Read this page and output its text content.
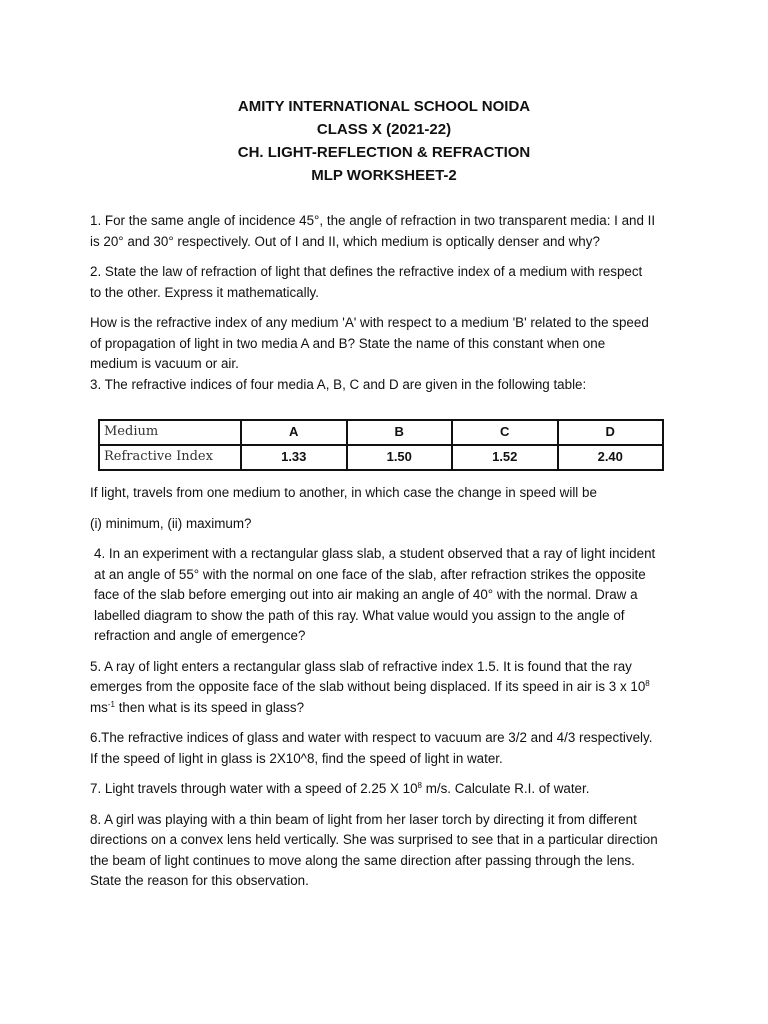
AMITY INTERNATIONAL SCHOOL NOIDA
CLASS X (2021-22)
CH. LIGHT-REFLECTION & REFRACTION
MLP WORKSHEET-2
1. For the same angle of incidence 45°, the angle of refraction in two transparent media: I and II
is 20° and 30° respectively. Out of I and II, which medium is optically denser and why?
2. State the law of refraction of light that defines the refractive index of a medium with respect
to the other. Express it mathematically.
How is the refractive index of any medium 'A' with respect to a medium 'B' related to the speed
of propagation of light in two media A and B? State the name of this constant when one
medium is vacuum or air.
3. The refractive indices of four media A, B, C and D are given in the following table:
Medium	A	B	C	D
Refractive Index	1.33	1.50	1.52	2.40
If light, travels from one medium to another, in which case the change in speed will be
(i) minimum, (ii) maximum?
4. In an experiment with a rectangular glass slab, a student observed that a ray of light incident
at an angle of 55° with the normal on one face of the slab, after refraction strikes the opposite
face of the slab before emerging out into air making an angle of 40° with the normal. Draw a
labelled diagram to show the path of this ray. What value would you assign to the angle of
refraction and angle of emergence?
5. A ray of light enters a rectangular glass slab of refractive index 1.5. It is found that the ray
emerges from the opposite face of the slab without being displaced. If its speed in air is 3 x $10^8$
$ms^{-1}$ then what is its speed in glass?
6.The refractive indices of glass and water with respect to vacuum are 3/2 and 4/3 respectively.
If the speed of light in glass is 2X10^8, find the speed of light in water.
7. Light travels through water with a speed of 2.25 X $10^8$ m/s. Calculate R.I. of water.
8. A girl was playing with a thin beam of light from her laser torch by directing it from different
directions on a convex lens held vertically. She was surprised to see that in a particular direction
the beam of light continues to move along the same direction after passing through the lens.
State the reason for this observation.
